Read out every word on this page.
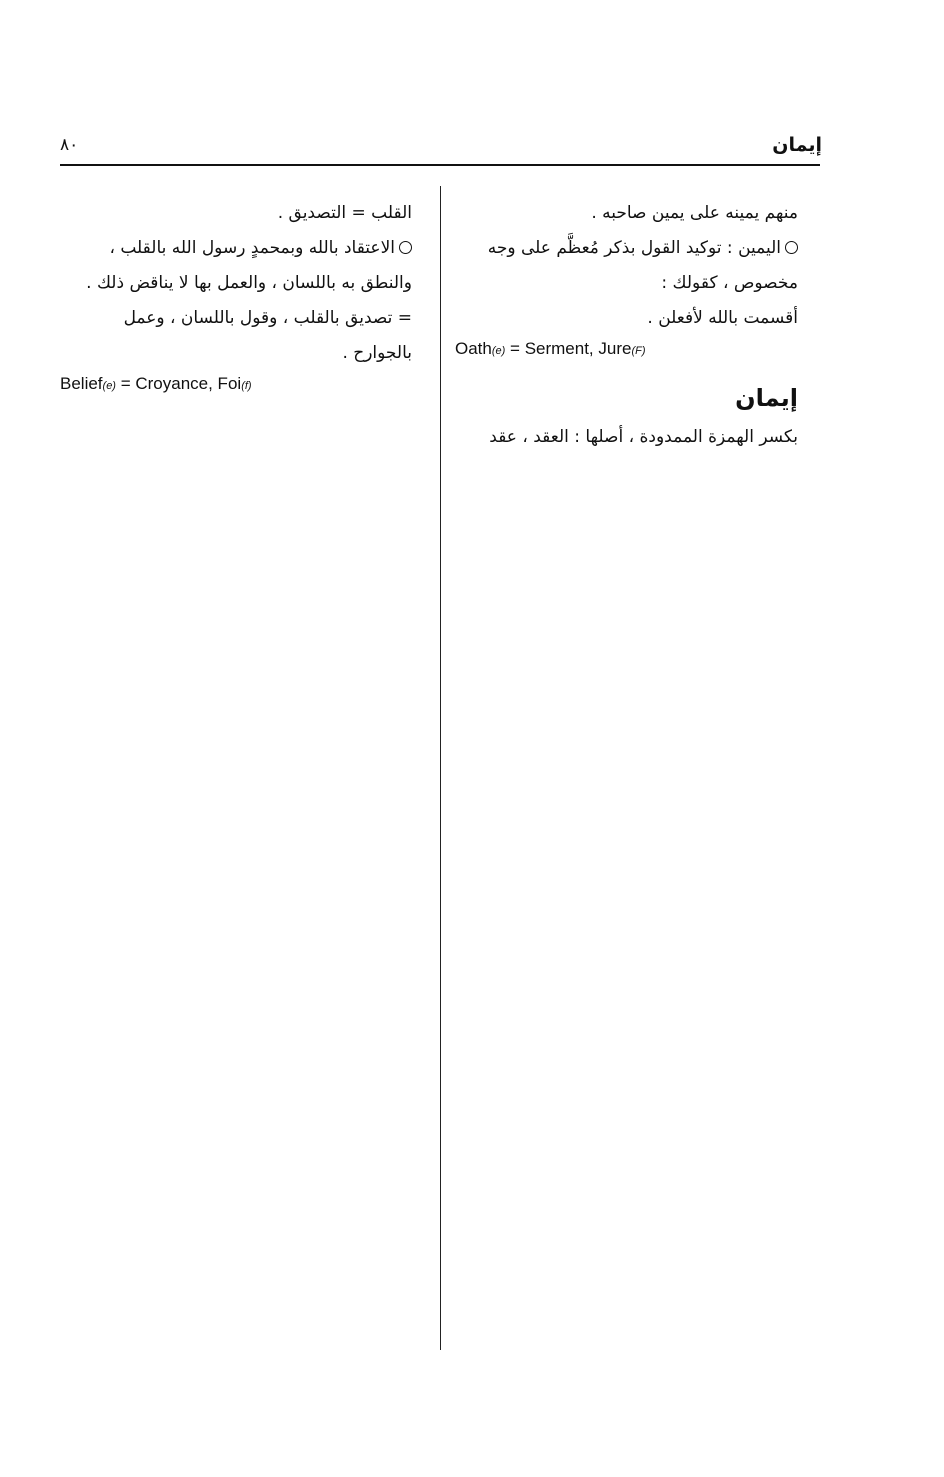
إيمان
٨٠

منهم يمينه على يمين صاحبه .

اليمين : توكيد القول بذكر مُعظَّم على وجه

مخصوص ، كقولك :

أقسمت بالله لأفعلن .

Oath(e) = Serment, Jure(F)

إيمان

بكسر الهمزة الممدودة ، أصلها : العقد ، عقد

القلب = التصديق .

الاعتقاد بالله وبمحمدٍ رسول الله بالقلب ،

والنطق به باللسان ، والعمل بها لا يناقض ذلك .

= تصديق بالقلب ، وقول باللسان ، وعمل

بالجوارح .

Belief(e) = Croyance, Foi(f)
